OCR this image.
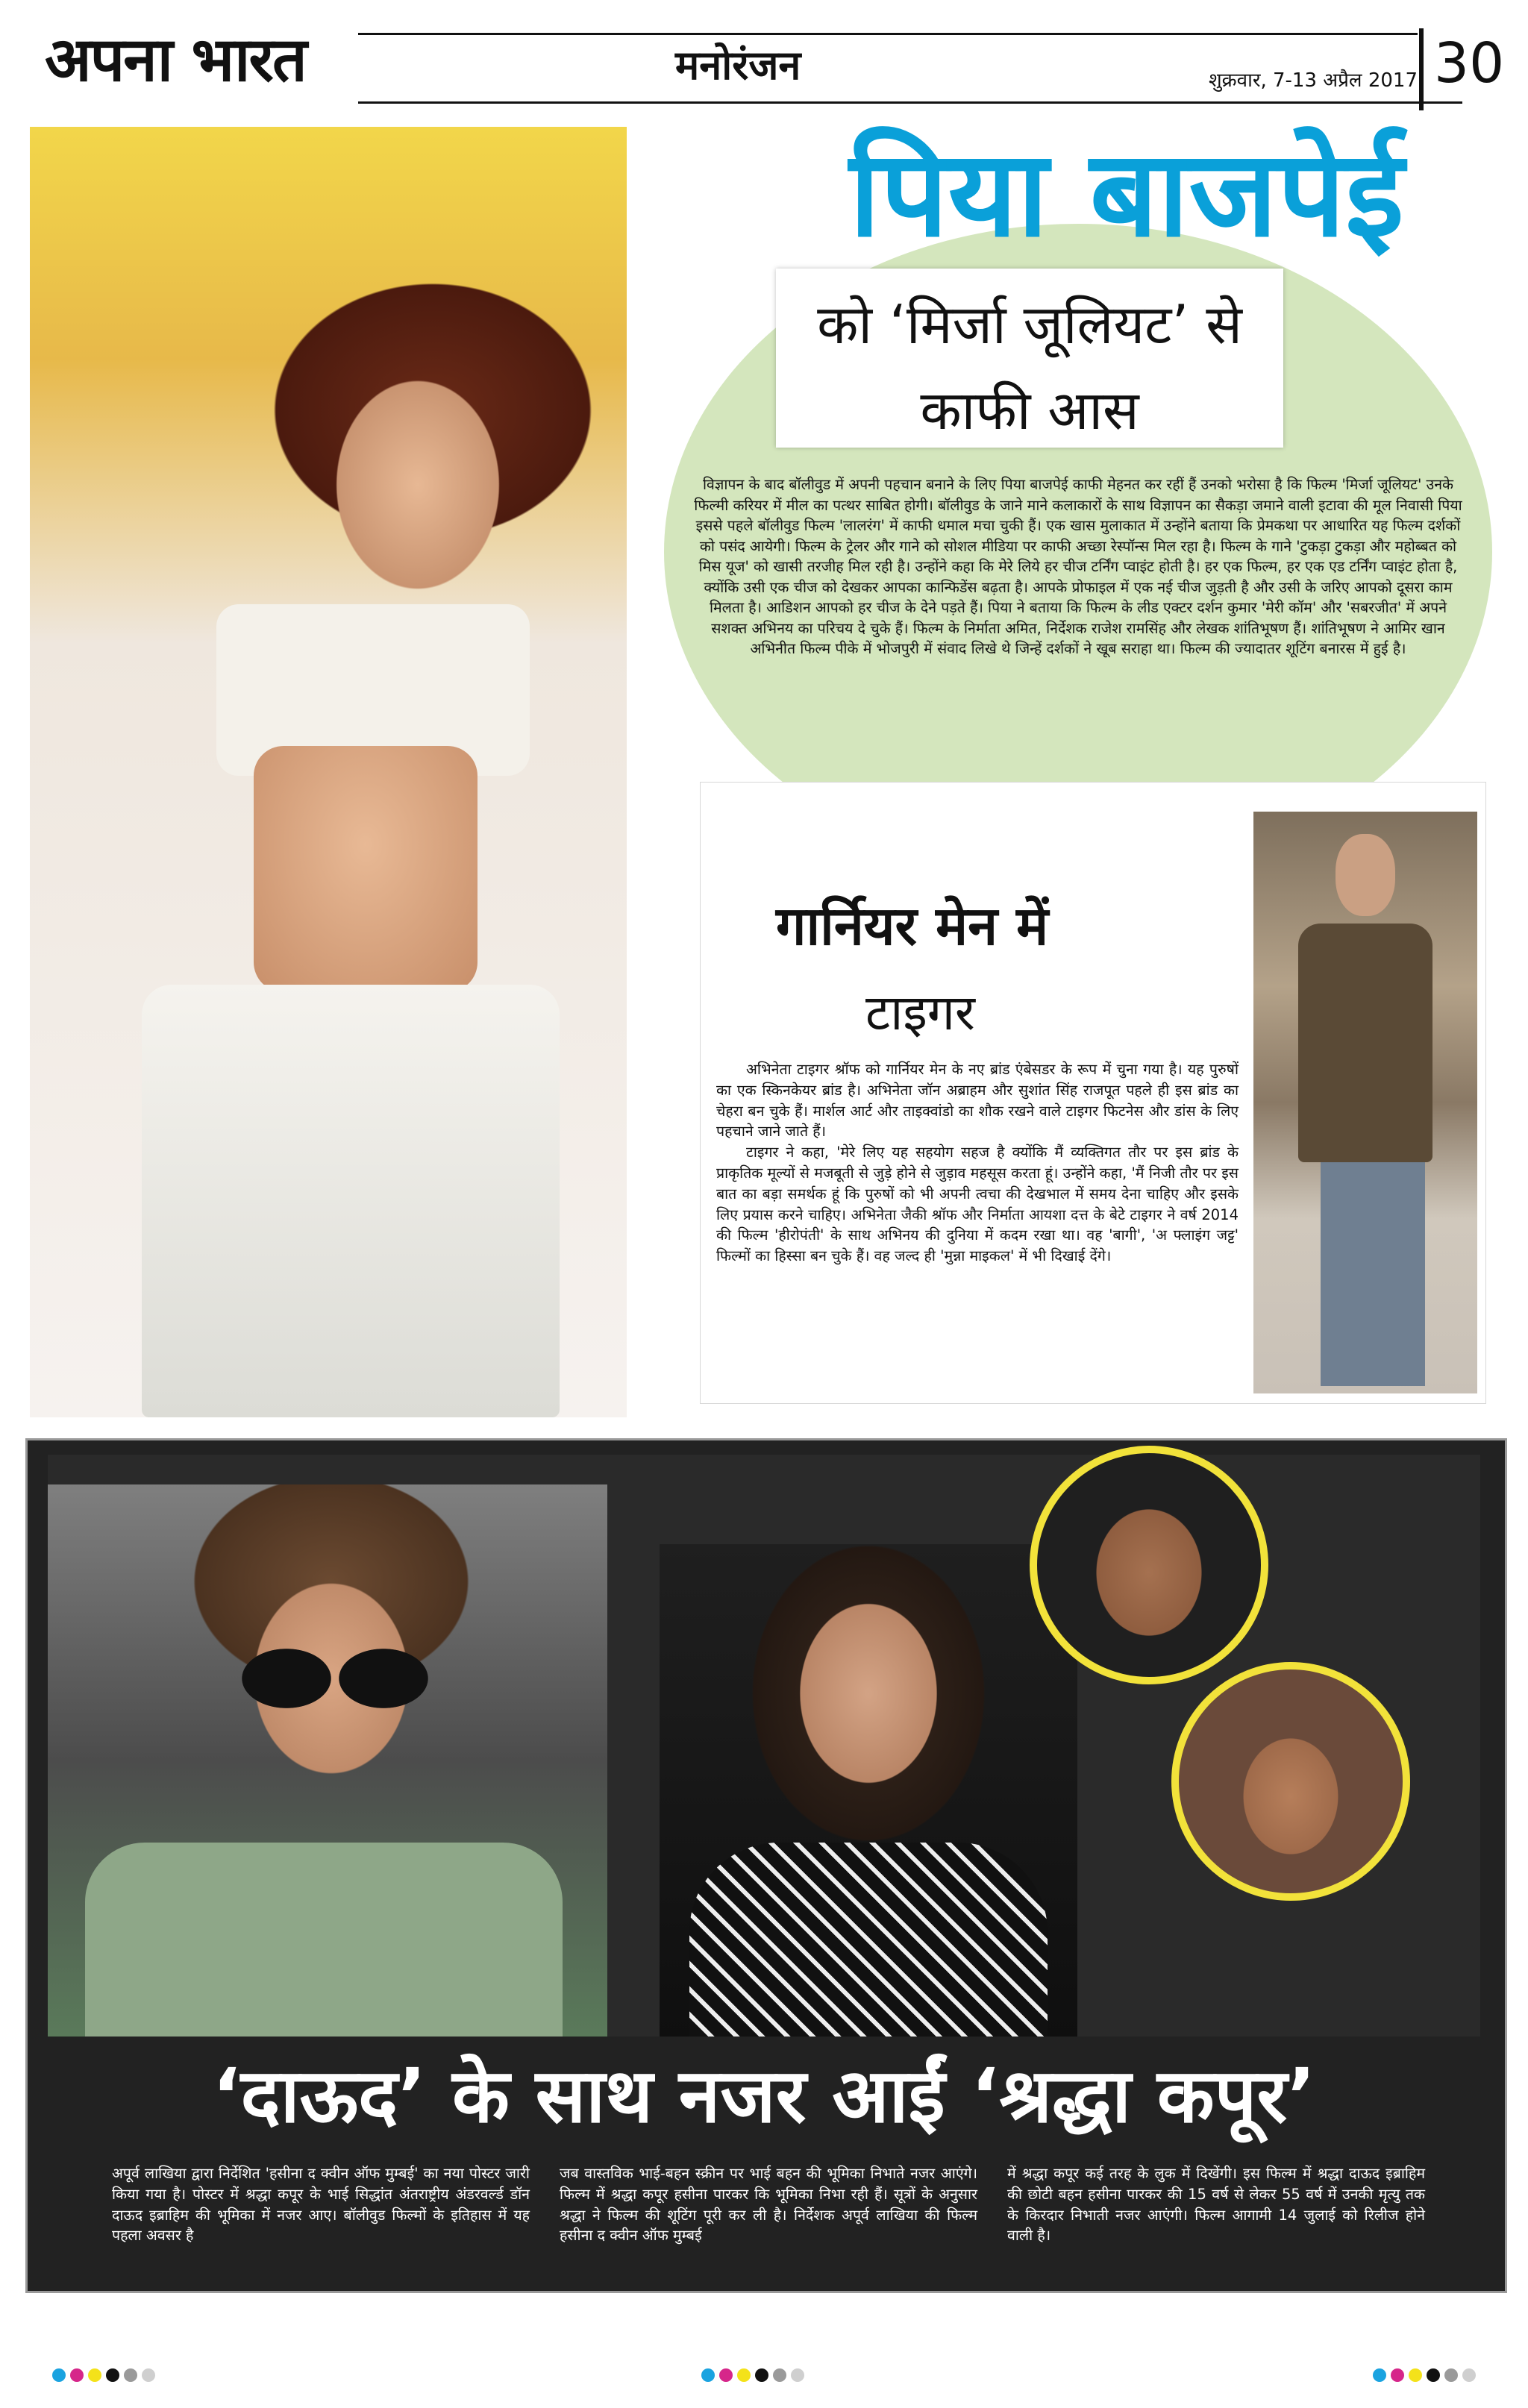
अपना भारत	मनोरंजन	शुक्रवार, 7-13 अप्रैल 2017 30
पिया बाजपेई
को ‘मिर्जा जूलियट’ से
काफी आस

विज्ञापन के बाद बॉलीवुड में अपनी पहचान बनाने के लिए पिया बाजपेई काफी मेहनत कर रहीं हैं उनको भरोसा है कि फिल्म 'मिर्जा जूलियट' उनके फिल्मी करियर में मील का पत्थर साबित होगी। बॉलीवुड के जाने माने कलाकारों के साथ विज्ञापन का सैकड़ा जमाने वाली इटावा की मूल निवासी पिया इससे पहले बॉलीवुड फिल्म 'लालरंग' में काफी धमाल मचा चुकी हैं। एक खास मुलाकात में उन्होंने बताया कि प्रेमकथा पर आधारित यह फिल्म दर्शकों को पसंद आयेगी। फिल्म के ट्रेलर और गाने को सोशल मीडिया पर काफी अच्छा रेस्पॉन्स मिल रहा है। फिल्म के गाने 'टुकड़ा टुकड़ा और महोब्बत को मिस यूज' को खासी तरजीह मिल रही है। उन्होंने कहा कि मेरे लिये हर चीज टर्निंग प्वाइंट होती है। हर एक फिल्म, हर एक एड टर्निंग प्वाइंट होता है, क्योंकि उसी एक चीज को देखकर आपका कान्फिडेंस बढ़ता है। आपके प्रोफाइल में एक नई चीज जुड़ती है और उसी के जरिए आपको दूसरा काम मिलता है। आडिशन आपको हर चीज के देने पड़ते हैं। पिया ने बताया कि फिल्म के लीड एक्टर दर्शन कुमार 'मेरी कॉम' और 'सबरजीत' में अपने सशक्त अभिनय का परिचय दे चुके हैं। फिल्म के निर्माता अमित, निर्देशक राजेश रामसिंह और लेखक शांतिभूषण हैं। शांतिभूषण ने आमिर खान अभिनीत फिल्म पीके में भोजपुरी में संवाद लिखे थे जिन्हें दर्शकों ने खूब सराहा था। फिल्म की ज्यादातर शूटिंग बनारस में हुई है।

गार्नियर मेन में
टाइगर

अभिनेता टाइगर श्रॉफ को गार्नियर मेन के नए ब्रांड एंबेसडर के रूप में चुना गया है। यह पुरुषों का एक स्किनकेयर ब्रांड है। अभिनेता जॉन अब्राहम और सुशांत सिंह राजपूत पहले ही इस ब्रांड का चेहरा बन चुके हैं। मार्शल आर्ट और ताइक्वांडो का शौक रखने वाले टाइगर फिटनेस और डांस के लिए पहचाने जाने जाते हैं।

टाइगर ने कहा, 'मेरे लिए यह सहयोग सहज है क्योंकि मैं व्यक्तिगत तौर पर इस ब्रांड के प्राकृतिक मूल्यों से मजबूती से जुड़े होने से जुड़ाव महसूस करता हूं। उन्होंने कहा, 'मैं निजी तौर पर इस बात का बड़ा समर्थक हूं कि पुरुषों को भी अपनी त्वचा की देखभाल में समय देना चाहिए और इसके लिए प्रयास करने चाहिए। अभिनेता जैकी श्रॉफ और निर्माता आयशा दत्त के बेटे टाइगर ने वर्ष 2014 की फिल्म 'हीरोपंती' के साथ अभिनय की दुनिया में कदम रखा था। वह 'बागी', 'अ फ्लाइंग जट्ट' फिल्मों का हिस्सा बन चुके हैं। वह जल्द ही 'मुन्ना माइकल' में भी दिखाई देंगे।

‘दाऊद’ के साथ नजर आईं ‘श्रद्धा कपूर’

अपूर्व लाखिया द्वारा निर्देशित 'हसीना द क्वीन ऑफ मुम्बई' का नया पोस्टर जारी किया गया है। पोस्टर में श्रद्धा कपूर के भाई सिद्धांत अंतराष्ट्रीय अंडरवर्ल्ड डॉन दाऊद इब्राहिम की भूमिका में नजर आए। बॉलीवुड फिल्मों के इतिहास में यह पहला अवसर है

जब वास्तविक भाई-बहन स्क्रीन पर भाई बहन की भूमिका निभाते नजर आएंगे। फिल्म में श्रद्धा कपूर हसीना पारकर कि भूमिका निभा रही हैं। सूत्रों के अनुसार श्रद्धा ने फिल्म की शूटिंग पूरी कर ली है। निर्देशक अपूर्व लाखिया की फिल्म हसीना द क्वीन ऑफ मुम्बई

में श्रद्धा कपूर कई तरह के लुक में दिखेंगी। इस फिल्म में श्रद्धा दाऊद इब्राहिम की छोटी बहन हसीना पारकर की 15 वर्ष से लेकर 55 वर्ष में उनकी मृत्यु तक के किरदार निभाती नजर आएंगी। फिल्म आगामी 14 जुलाई को रिलीज होने वाली है।
